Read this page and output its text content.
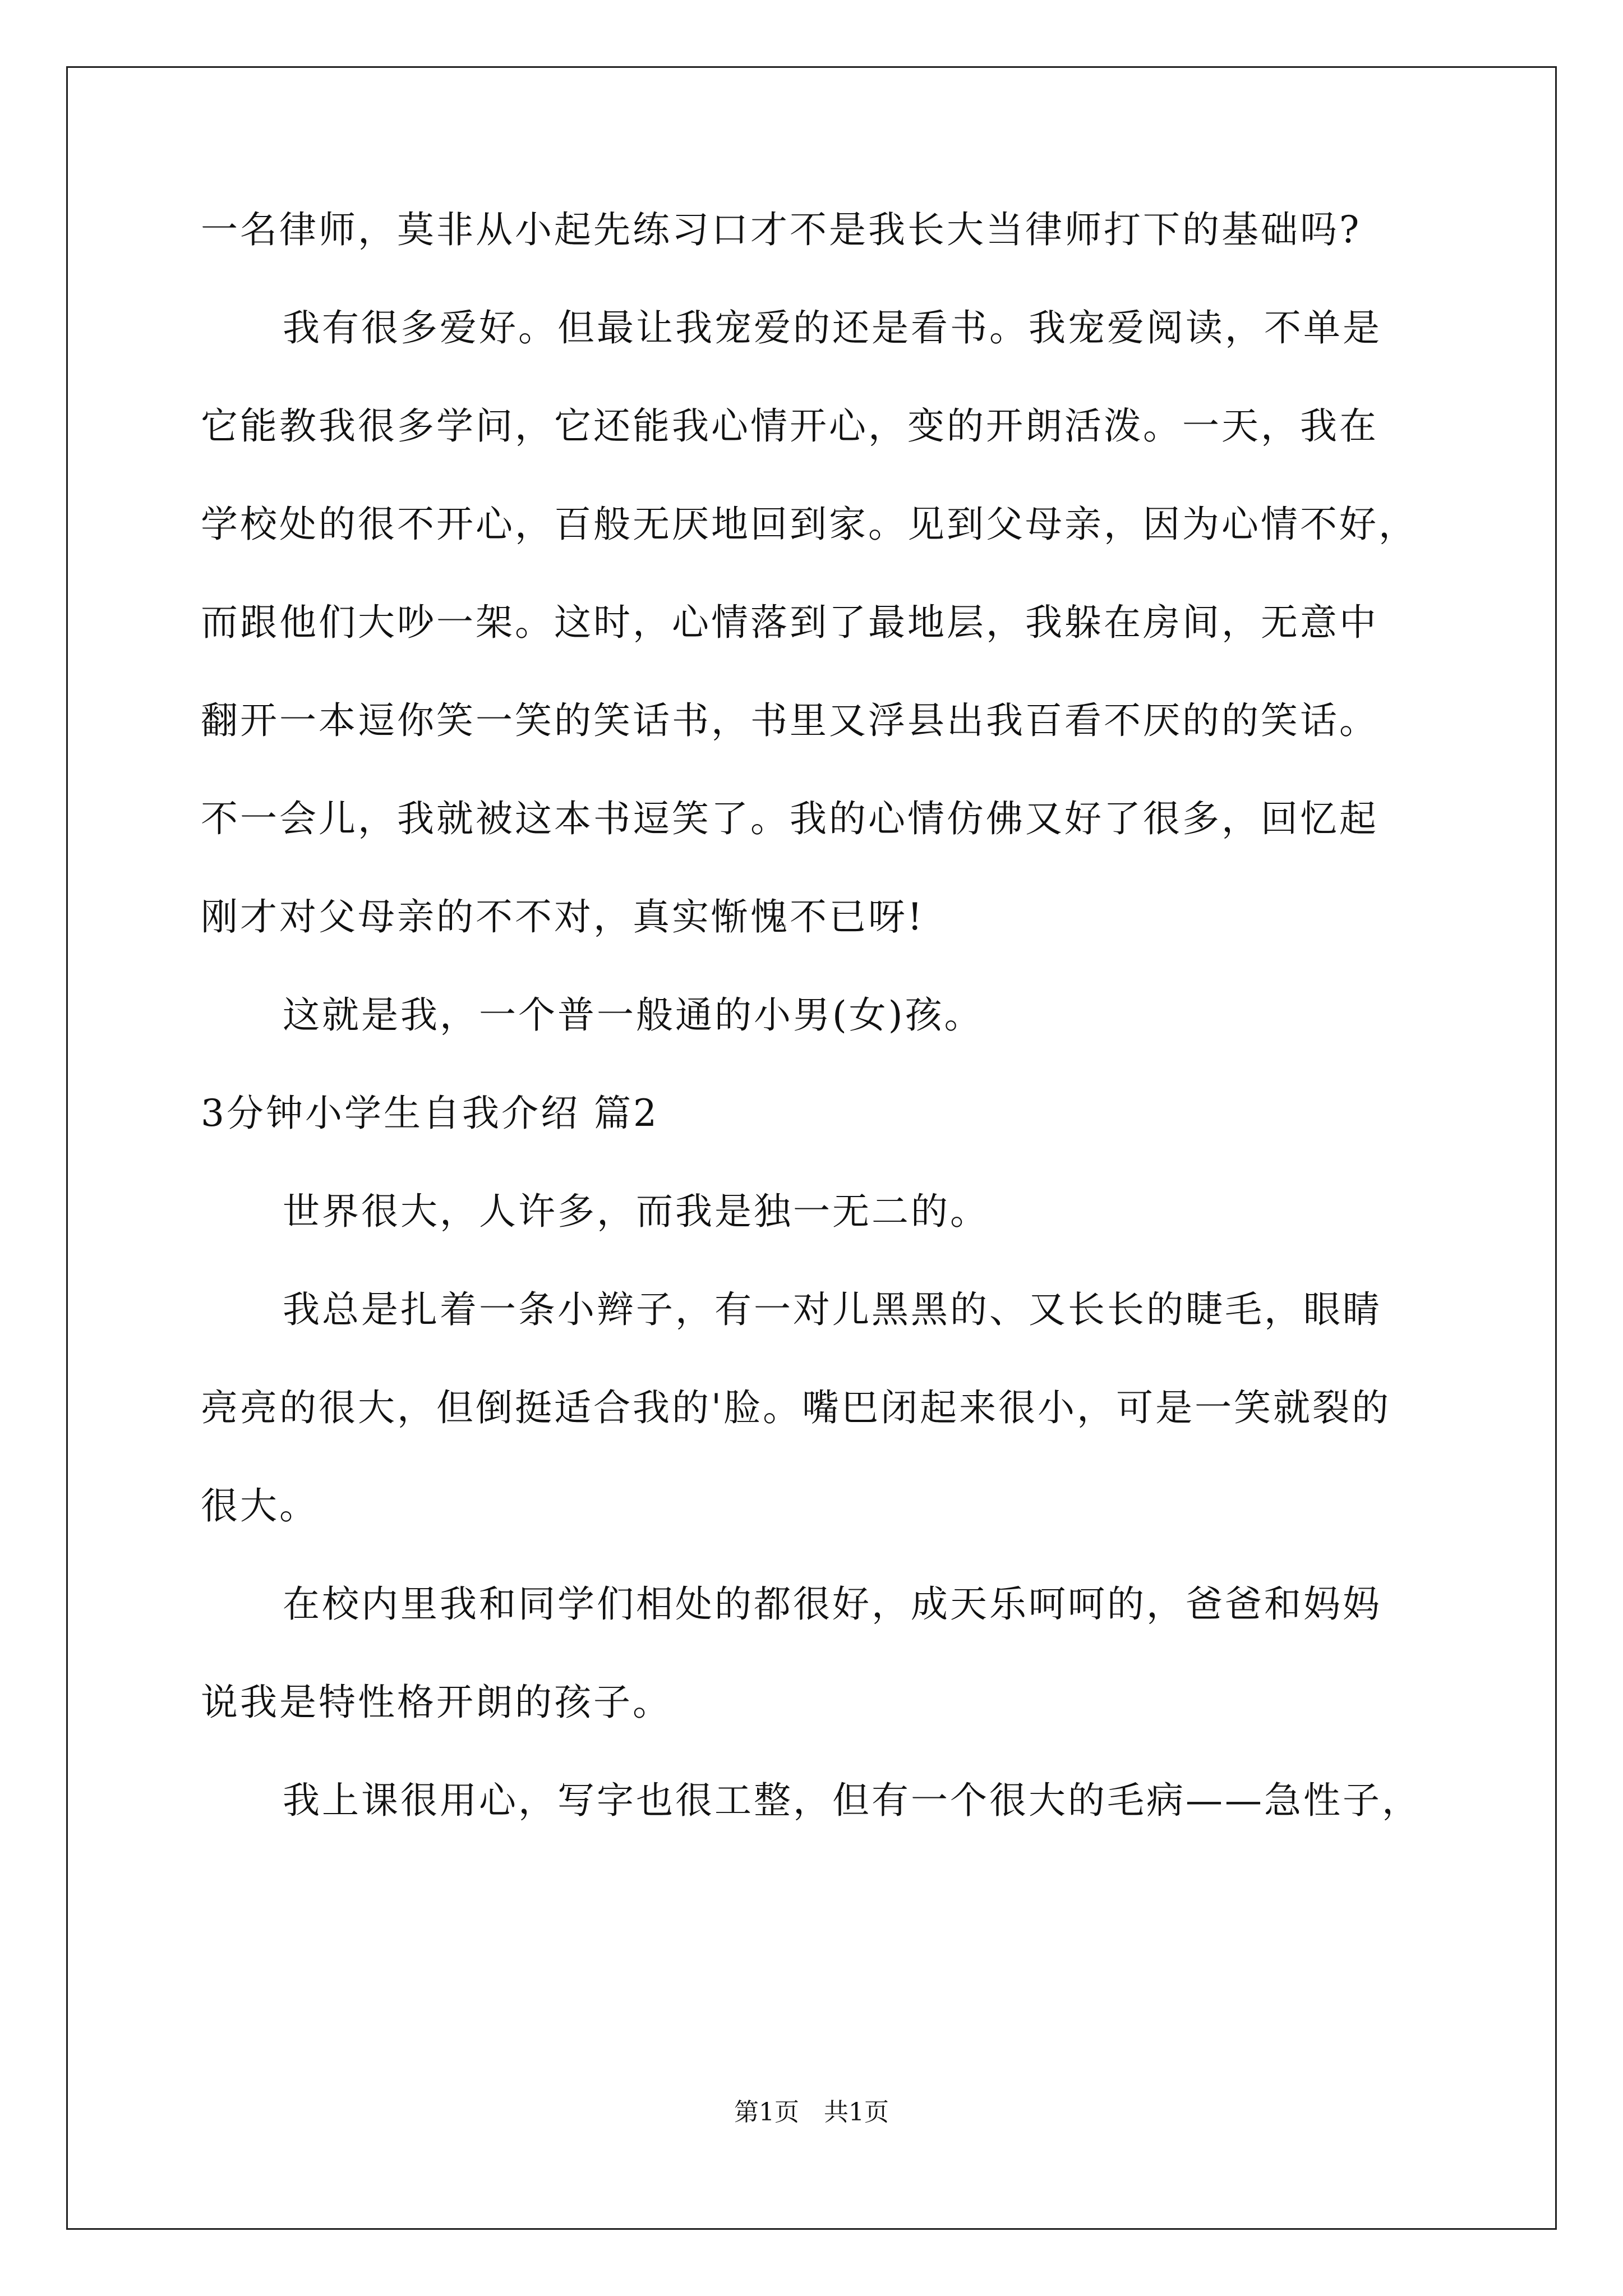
一名律师，莫非从小起先练习口才不是我长大当律师打下的基础吗?
我有很多爱好。但最让我宠爱的还是看书。我宠爱阅读，不单是
它能教我很多学问，它还能我心情开心，变的开朗活泼。一天，我在
学校处的很不开心，百般无厌地回到家。见到父母亲，因为心情不好，
而跟他们大吵一架。这时，心情落到了最地层，我躲在房间，无意中
翻开一本逗你笑一笑的笑话书，书里又浮县出我百看不厌的的笑话。
不一会儿，我就被这本书逗笑了。我的心情仿佛又好了很多，回忆起
刚才对父母亲的不不对，真实惭愧不已呀!
这就是我，一个普一般通的小男(女)孩。
3分钟小学生自我介绍 篇2
世界很大，人许多，而我是独一无二的。
我总是扎着一条小辫子，有一对儿黑黑的、又长长的睫毛，眼睛
亮亮的很大，但倒挺适合我的'脸。嘴巴闭起来很小，可是一笑就裂的
很大。
在校内里我和同学们相处的都很好，成天乐呵呵的，爸爸和妈妈
说我是特性格开朗的孩子。
我上课很用心，写字也很工整，但有一个很大的毛病——急性子，
第1页　共1页
